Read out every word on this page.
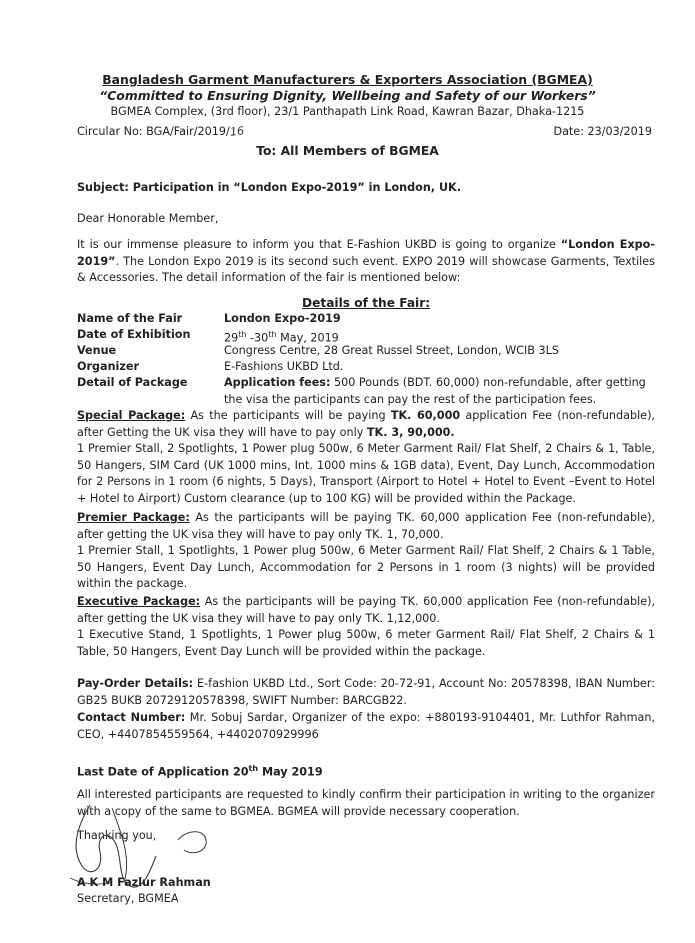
Bangladesh Garment Manufacturers & Exporters Association (BGMEA)
“Committed to Ensuring Dignity, Wellbeing and Safety of our Workers”
BGMEA Complex, (3rd floor), 23/1 Panthapath Link Road, Kawran Bazar, Dhaka-1215
Circular No: BGA/Fair/2019/16	Date: 23/03/2019
To: All Members of BGMEA
Subject: Participation in “London Expo-2019” in London, UK.
Dear Honorable Member,
It is our immense pleasure to inform you that E-Fashion UKBD is going to organize “London Expo-2019”. The London Expo 2019 is its second such event. EXPO 2019 will showcase Garments, Textiles & Accessories. The detail information of the fair is mentioned below:
Details of the Fair:
Name of the Fair	London Expo-2019
Date of Exhibition	29th -30th May, 2019
Venue	Congress Centre, 28 Great Russel Street, London, WCIB 3LS
Organizer	E-Fashions UKBD Ltd.
Detail of Package	Application fees: 500 Pounds (BDT. 60,000) non-refundable, after getting
the visa the participants can pay the rest of the participation fees.
Special Package: As the participants will be paying TK. 60,000 application Fee (non-refundable), after Getting the UK visa they will have to pay only TK. 3, 90,000.
1 Premier Stall, 2 Spotlights, 1 Power plug 500w, 6 Meter Garment Rail/ Flat Shelf, 2 Chairs & 1, Table, 50 Hangers, SIM Card (UK 1000 mins, Int. 1000 mins & 1GB data), Event, Day Lunch, Accommodation for 2 Persons in 1 room (6 nights, 5 Days), Transport (Airport to Hotel + Hotel to Event –Event to Hotel + Hotel to Airport) Custom clearance (up to 100 KG) will be provided within the Package.
Premier Package: As the participants will be paying TK. 60,000 application Fee (non-refundable), after getting the UK visa they will have to pay only TK. 1, 70,000.
1 Premier Stall, 1 Spotlights, 1 Power plug 500w, 6 Meter Garment Rail/ Flat Shelf, 2 Chairs & 1 Table, 50 Hangers, Event Day Lunch, Accommodation for 2 Persons in 1 room (3 nights) will be provided within the package.
Executive Package: As the participants will be paying TK. 60,000 application Fee (non-refundable), after getting the UK visa they will have to pay only TK. 1,12,000.
1 Executive Stand, 1 Spotlights, 1 Power plug 500w, 6 meter Garment Rail/ Flat Shelf, 2 Chairs & 1 Table, 50 Hangers, Event Day Lunch will be provided within the package.
Pay-Order Details: E-fashion UKBD Ltd., Sort Code: 20-72-91, Account No: 20578398, IBAN Number: GB25 BUKB 20729120578398, SWIFT Number: BARCGB22.
Contact Number: Mr. Sobuj Sardar, Organizer of the expo: +880193-9104401, Mr. Luthfor Rahman, CEO, +4407854559564, +4402070929996
Last Date of Application 20th May 2019
All interested participants are requested to kindly confirm their participation in writing to the organizer with a copy of the same to BGMEA. BGMEA will provide necessary cooperation.
Thanking you,
A K M Fazlur Rahman
Secretary, BGMEA
